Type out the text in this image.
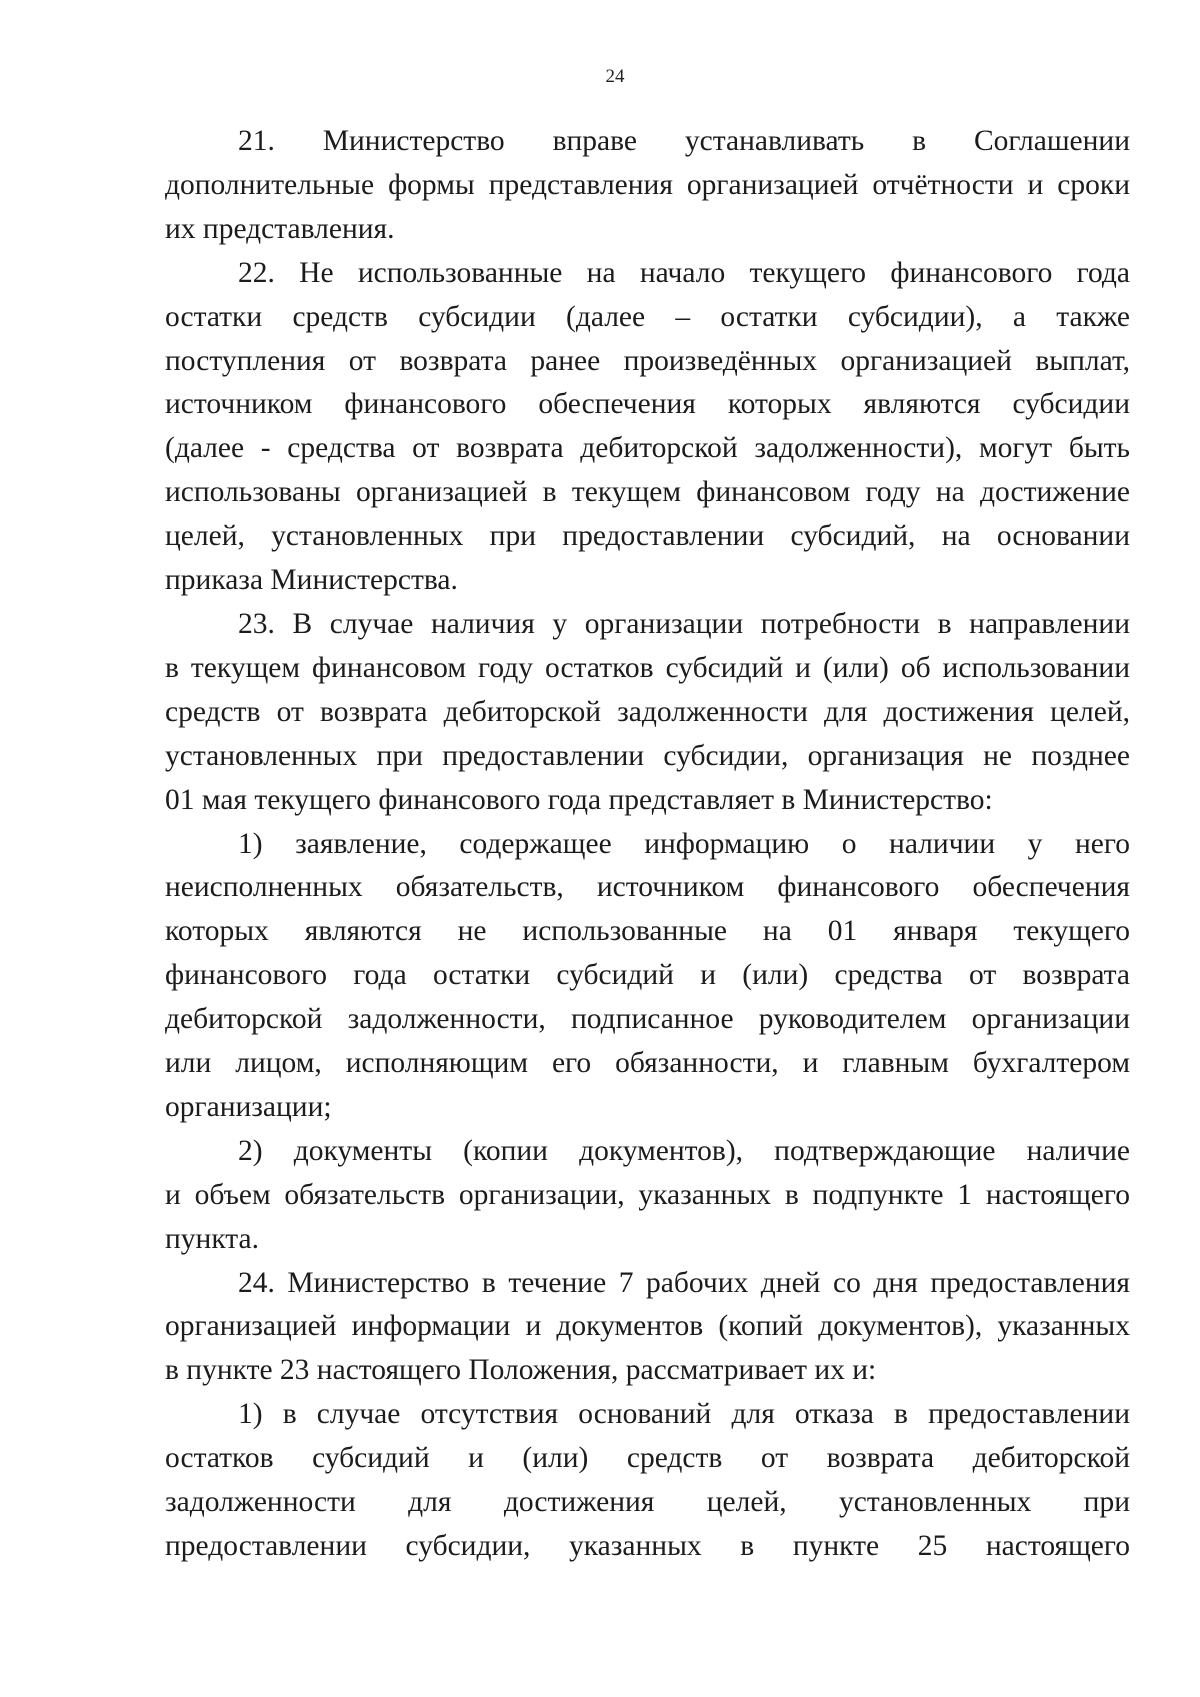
24

21. Министерство вправе устанавливать в Соглашении
дополнительные формы представления организацией отчётности и сроки
их представления.

22. Не использованные на начало текущего финансового года
остатки средств субсидии (далее – остатки субсидии), а также
поступления от возврата ранее произведённых организацией выплат,
источником финансового обеспечения которых являются субсидии
(далее - средства от возврата дебиторской задолженности), могут быть
использованы организацией в текущем финансовом году на достижение
целей, установленных при предоставлении субсидий, на основании
приказа Министерства.

23. В случае наличия у организации потребности в направлении
в текущем финансовом году остатков субсидий и (или) об использовании
средств от возврата дебиторской задолженности для достижения целей,
установленных при предоставлении субсидии, организация не позднее
01 мая текущего финансового года представляет в Министерство:

1) заявление, содержащее информацию о наличии у него
неисполненных обязательств, источником финансового обеспечения
которых являются не использованные на 01 января текущего
финансового года остатки субсидий и (или) средства от возврата
дебиторской задолженности, подписанное руководителем организации
или лицом, исполняющим его обязанности, и главным бухгалтером
организации;

2) документы (копии документов), подтверждающие наличие
и объем обязательств организации, указанных в подпункте 1 настоящего
пункта.

24. Министерство в течение 7 рабочих дней со дня предоставления
организацией информации и документов (копий документов), указанных
в пункте 23 настоящего Положения, рассматривает их и:

1) в случае отсутствия оснований для отказа в предоставлении
остатков субсидий и (или) средств от возврата дебиторской
задолженности для достижения целей, установленных при
предоставлении субсидии, указанных в пункте 25 настоящего
